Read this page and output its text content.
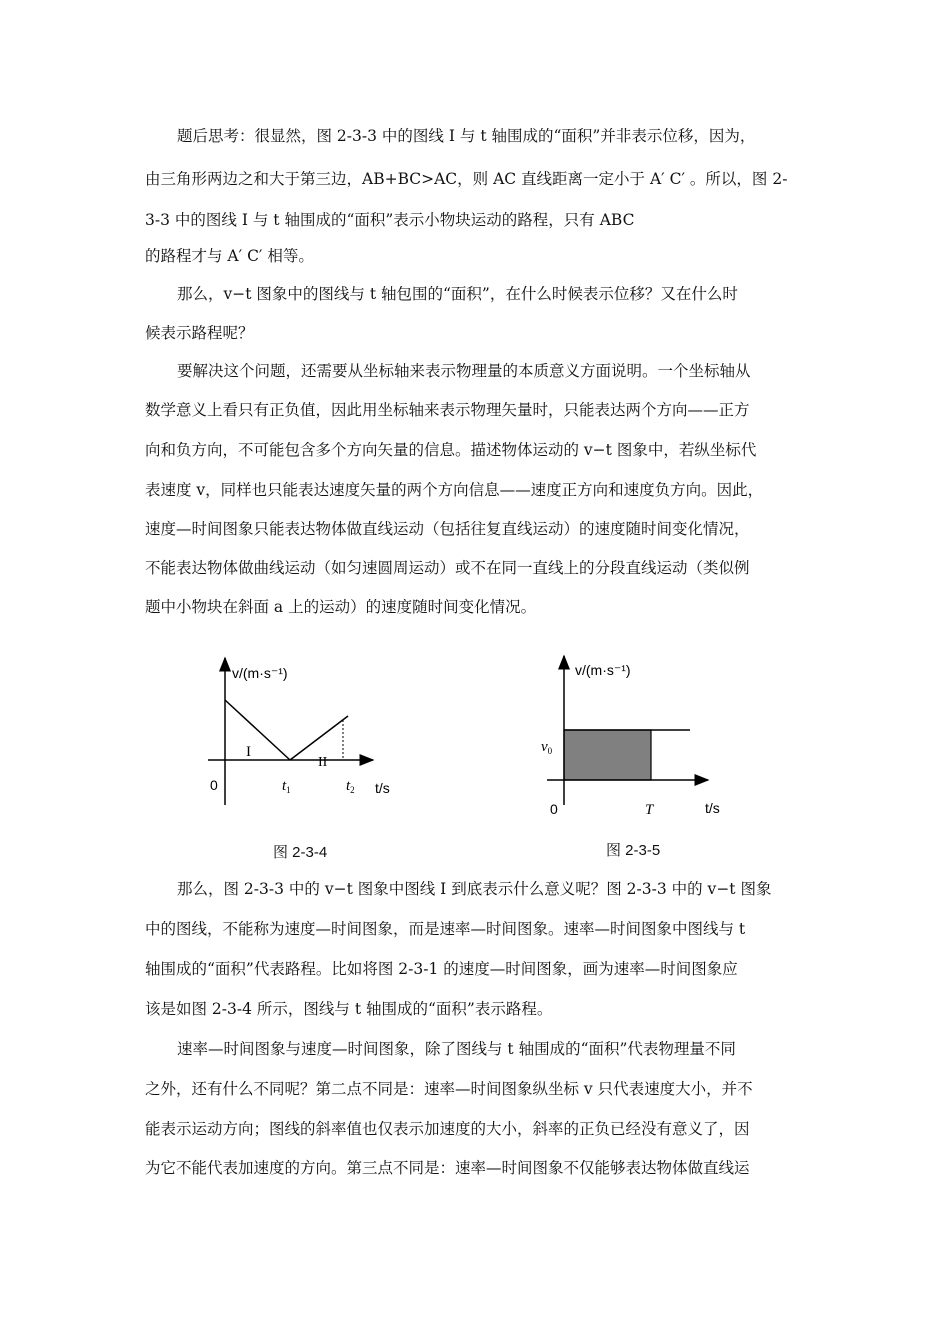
题后思考：很显然，图 2-3-3 中的图线 I 与 t 轴围成的“面积”并非表示位移，因为，
由三角形两边之和大于第三边，AB+BC>AC，则 AC 直线距离一定小于 A′ C′ 。所以，图 2-
3-3 中的图线 I 与 t 轴围成的“面积”表示小物块运动的路程，只有 ABC
的路程才与 A′ C′ 相等。
那么，v−t 图象中的图线与 t 轴包围的“面积”，在什么时候表示位移？又在什么时
候表示路程呢？
要解决这个问题，还需要从坐标轴来表示物理量的本质意义方面说明。一个坐标轴从
数学意义上看只有正负值，因此用坐标轴来表示物理矢量时，只能表达两个方向——正方
向和负方向，不可能包含多个方向矢量的信息。描述物体运动的 v−t 图象中，若纵坐标代
表速度 v，同样也只能表达速度矢量的两个方向信息——速度正方向和速度负方向。因此，
速度—时间图象只能表达物体做直线运动（包括往复直线运动）的速度随时间变化情况，
不能表达物体做曲线运动（如匀速圆周运动）或不在同一直线上的分段直线运动（类似例
题中小物块在斜面 a 上的运动）的速度随时间变化情况。
v/(m·s⁻¹)
t/s
0	$t_1$	$t_2$
I
II
图 2-3-4
v/(m·s⁻¹)
t/s
0
$v_0$
T
图 2-3-5
那么，图 2-3-3 中的 v−t 图象中图线 I 到底表示什么意义呢？图 2-3-3 中的 v−t 图象
中的图线，不能称为速度—时间图象，而是速率—时间图象。速率—时间图象中图线与 t
轴围成的“面积”代表路程。比如将图 2-3-1 的速度—时间图象，画为速率—时间图象应
该是如图 2-3-4 所示，图线与 t 轴围成的“面积”表示路程。
速率—时间图象与速度—时间图象，除了图线与 t 轴围成的“面积”代表物理量不同
之外，还有什么不同呢？第二点不同是：速率—时间图象纵坐标 v 只代表速度大小，并不
能表示运动方向；图线的斜率值也仅表示加速度的大小，斜率的正负已经没有意义了，因
为它不能代表加速度的方向。第三点不同是：速率—时间图象不仅能够表达物体做直线运
